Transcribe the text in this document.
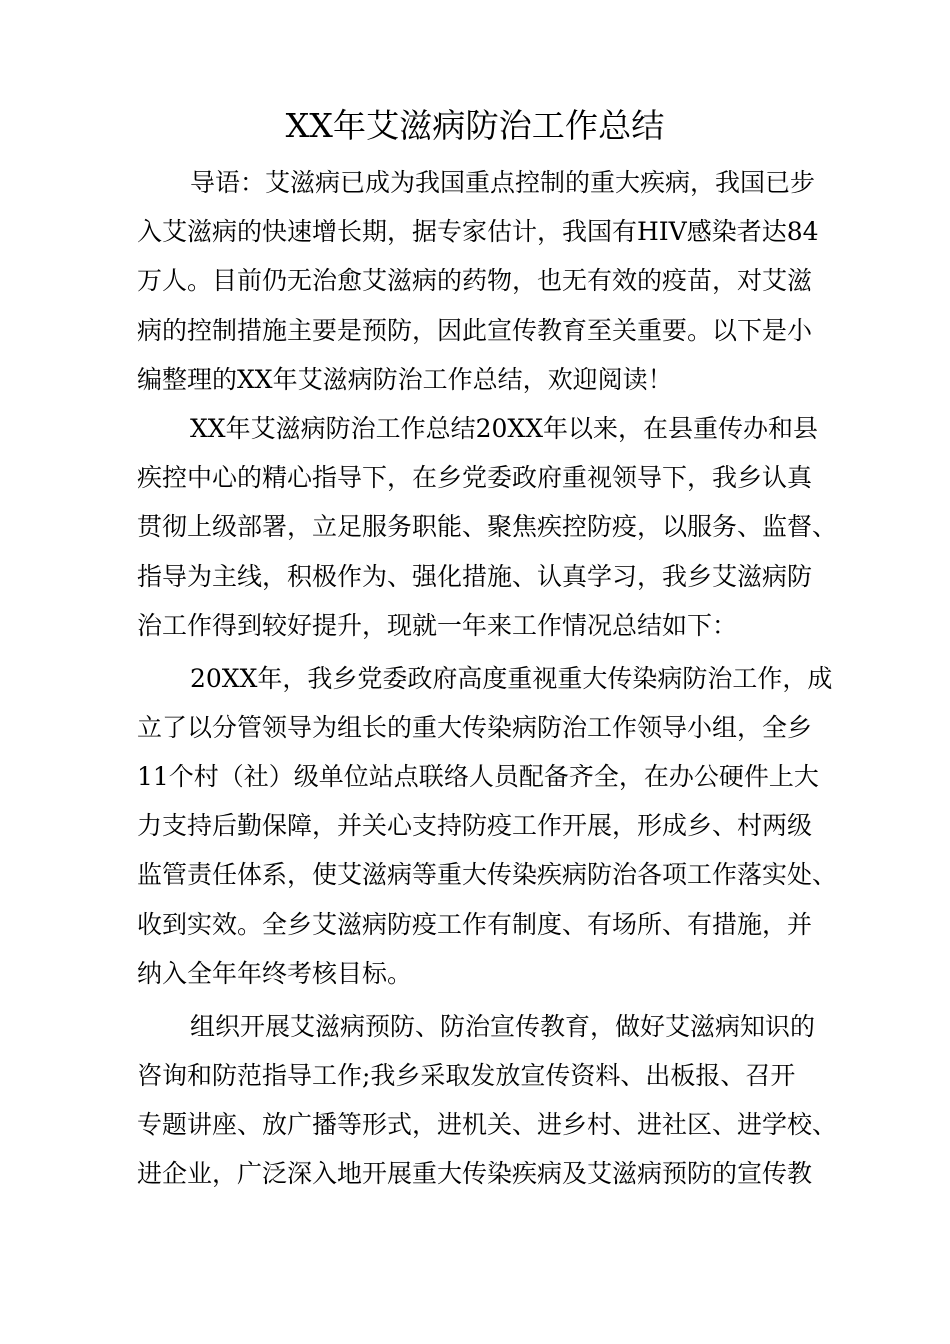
XX年艾滋病防治工作总结
导语：艾滋病已成为我国重点控制的重大疾病，我国已步
入艾滋病的快速增长期，据专家估计，我国有HIV感染者达84
万人。目前仍无治愈艾滋病的药物，也无有效的疫苗，对艾滋
病的控制措施主要是预防，因此宣传教育至关重要。以下是小
编整理的XX年艾滋病防治工作总结，欢迎阅读！
XX年艾滋病防治工作总结20XX年以来，在县重传办和县
疾控中心的精心指导下，在乡党委政府重视领导下，我乡认真
贯彻上级部署，立足服务职能、聚焦疾控防疫，以服务、监督、
指导为主线，积极作为、强化措施、认真学习，我乡艾滋病防
治工作得到较好提升，现就一年来工作情况总结如下：
20XX年，我乡党委政府高度重视重大传染病防治工作，成
立了以分管领导为组长的重大传染病防治工作领导小组，全乡
11个村（社）级单位站点联络人员配备齐全，在办公硬件上大
力支持后勤保障，并关心支持防疫工作开展，形成乡、村两级
监管责任体系，使艾滋病等重大传染疾病防治各项工作落实处、
收到实效。全乡艾滋病防疫工作有制度、有场所、有措施，并
纳入全年年终考核目标。
组织开展艾滋病预防、防治宣传教育，做好艾滋病知识的
咨询和防范指导工作;我乡采取发放宣传资料、出板报、召开
专题讲座、放广播等形式，进机关、进乡村、进社区、进学校、
进企业，广泛深入地开展重大传染疾病及艾滋病预防的宣传教
